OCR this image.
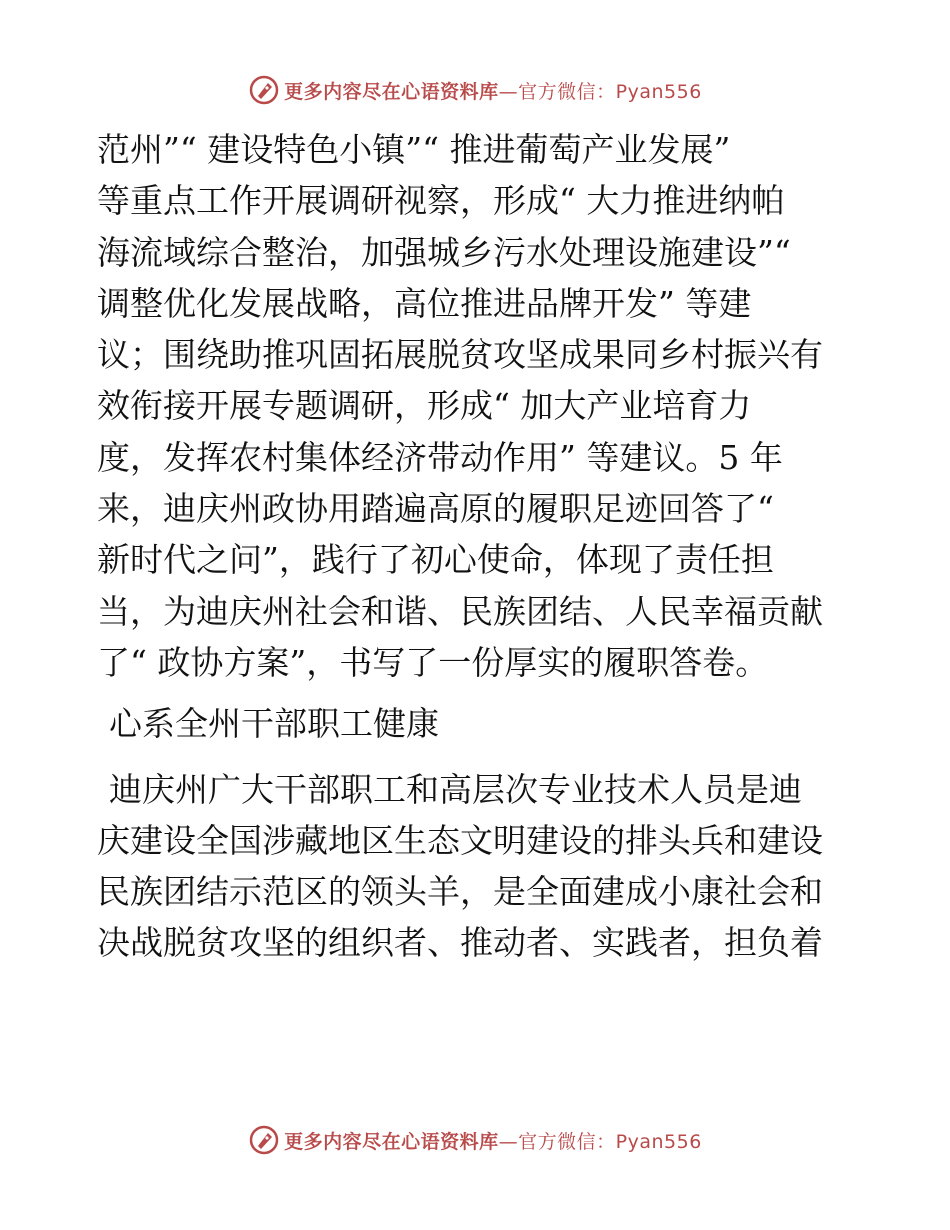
更多内容尽在心语资料库—官方微信：Pyan556
范州”“ 建设特色小镇”“ 推进葡萄产业发展”
等重点工作开展调研视察，形成“ 大力推进纳帕
海流域综合整治，加强城乡污水处理设施建设”“
调整优化发展战略，高位推进品牌开发” 等建
议；围绕助推巩固拓展脱贫攻坚成果同乡村振兴有
效衔接开展专题调研，形成“ 加大产业培育力
度，发挥农村集体经济带动作用” 等建议。5 年
来，迪庆州政协用踏遍高原的履职足迹回答了“
新时代之问”，践行了初心使命，体现了责任担
当，为迪庆州社会和谐、民族团结、人民幸福贡献
了“ 政协方案”，书写了一份厚实的履职答卷。
心系全州干部职工健康
迪庆州广大干部职工和高层次专业技术人员是迪
庆建设全国涉藏地区生态文明建设的排头兵和建设
民族团结示范区的领头羊，是全面建成小康社会和
决战脱贫攻坚的组织者、推动者、实践者，担负着
更多内容尽在心语资料库—官方微信：Pyan556
